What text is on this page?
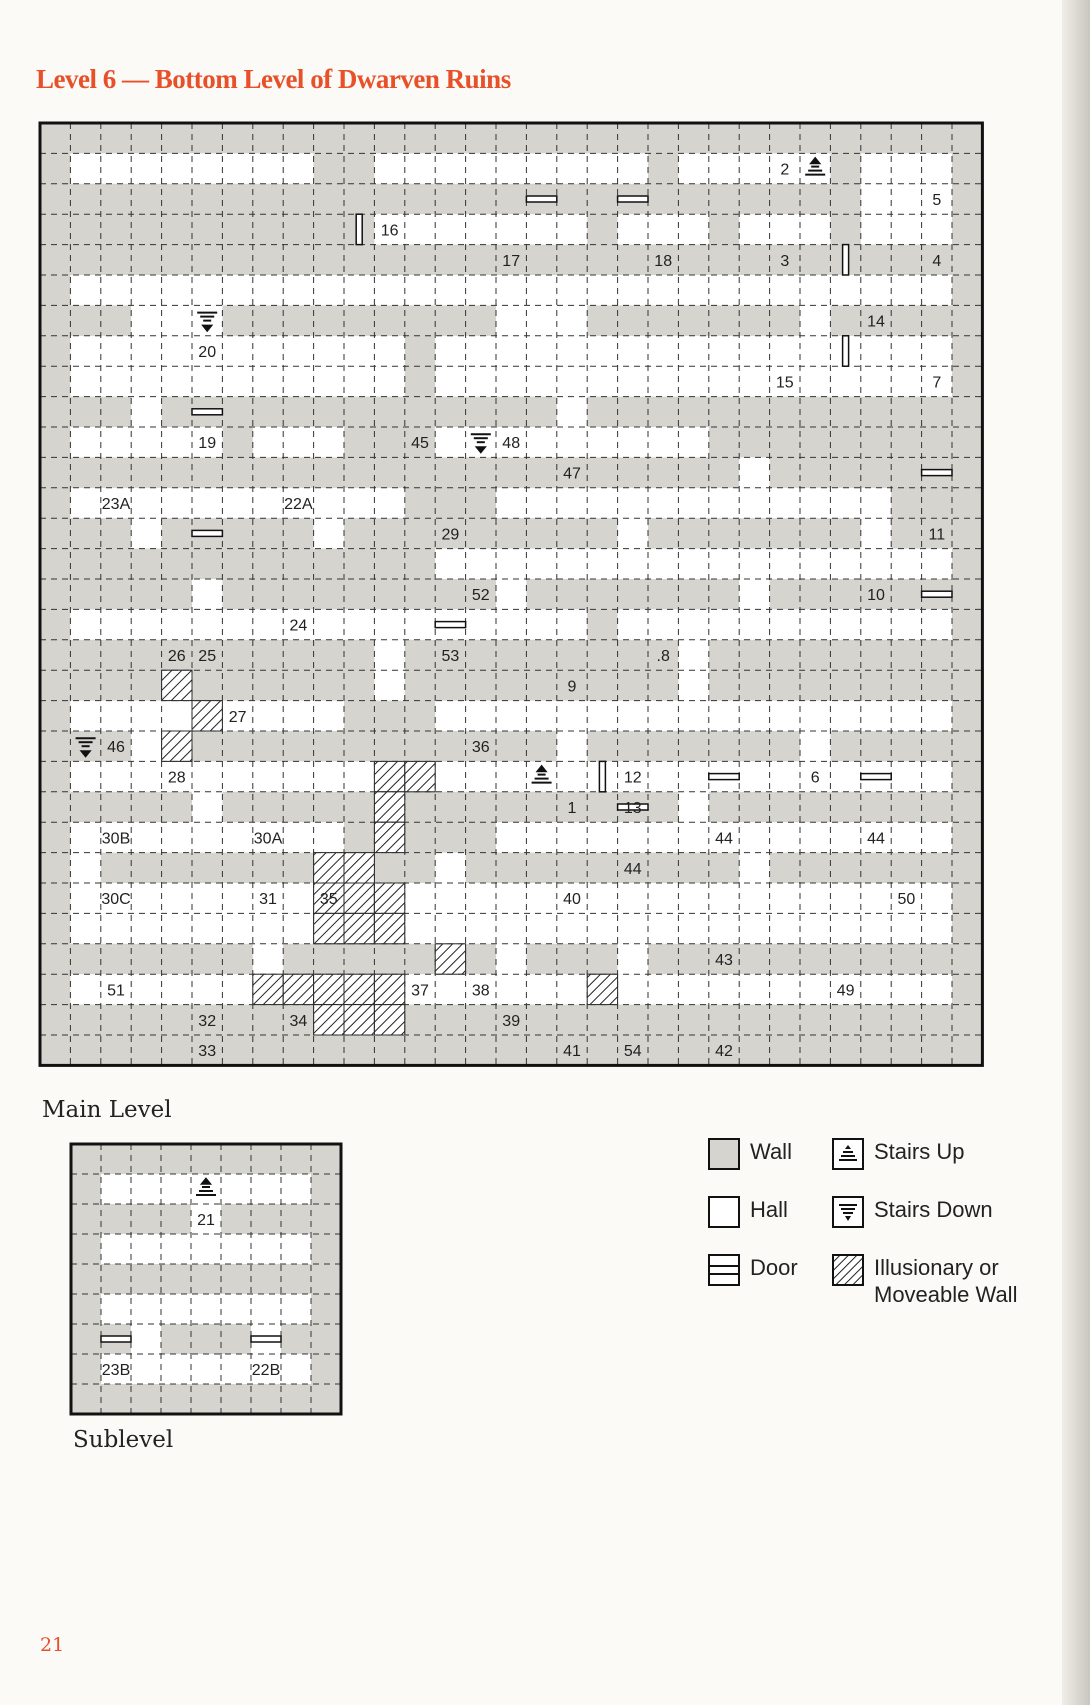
Level 6 — Bottom Level of Dwarven Ruins
2
5
16
17	18	3	4
20
14
15	7
19	45	48
47
23A	22A
29	11
52	10
24
26 25	53	.8
9
27
46	36
28	12	6
1	13
30B	30A	44	44
44
30C	31	35	40	50
43
51	37	38	49
32	34	39
33	41	54	42
Main Level
21
23B	22B
Sublevel
Wall	Stairs Up
Hall	Stairs Down
Door	Illusionary or
Moveable Wall
21
